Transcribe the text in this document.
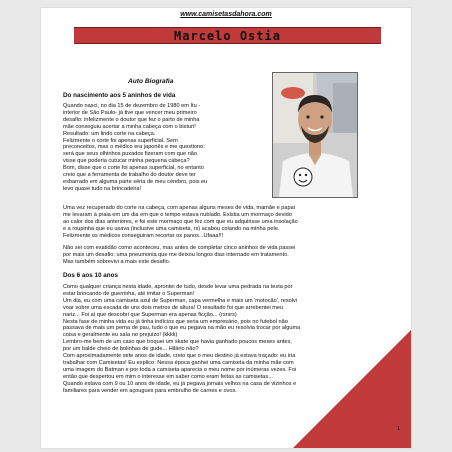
www.camisetasdahora.com
Marcelo Ostia
Auto Biografia
Do nascimento aos 5 aninhos de vida

Quando nasci, no dia 15 de dezembro de 1980 em Itu -
interior de São Paulo- já tive que vencer meu primeiro
desafio: infelizmente o doutor que fez o parto de minha
mãe conseguiu acertar a minha cabeça com o bisturi!
Resultado: um lindo corte na cabeça.
Felizmente o corte foi apenas superficial. Sem
preconceitos, mas o médico era japonês e me questiono:
será que seus olhinhos puxados fizeram com que não
visse que poderia cutucar minha pequena cabeça?
Bom, disse que o corte foi apenas superficial, no entanto
creio que a ferramenta de trabalho do doutor deve ter
esbarrado em alguma parte séria de meu cérebro, pois eu
levo quase tudo na brincadeira!

Uma vez recuperado do corte na cabeça, com apenas alguns meses de vida, mamãe e papai
me levaram à praia em um dia em que o tempo estava nublado. Existia um mormaço devido
ao calor dos dias anteriores, e foi este mormaço que fez com que eu adquirisse uma insolação
e a roupinha que eu usava (inclusive uma camiseta, rs) acabou colando na minha pele.
Felizmente os médicos conseguiram recortar os panos...Ufaaa!!!

Não sei com exatidão como aconteceu, mas antes de completar cinco aninhos de vida passei
por mais um desafio: uma pneumonia que me deixou longos dias internado em tratamento.
Mas também sobrevivi a mais este desafio.

Dos 6 aos 10 anos

Como qualquer criança nesta idade, aprontei de tudo, desde levar uma pedrada na testa por
estar brincando de guerrinha, até imitar o Superman!
Um dia, eu com uma camiseta azul de Superman, capa vermelha e mais um 'motocão', resolvi
voar sobre uma escada de uns dois metros de altura! O resultado foi que arrebentei meu
nariz... Foi aí que descobri que Superman era apenas ficção... (rsrsrs)
Nesta fase de minha vida eu já tinha indícios que seria um empresário, pois no futebol não
passava de mais um perna de pau, tudo o que eu pegava na mão eu resolvia trocar por alguma
coisa e geralmente eu saía no prejuízo! (kkkk)
Lembro-me bem de um caso que troquei um skate que havia ganhado poucos meses antes,
por um balde cheio de bolinhas de gude... Hilário não?
Com aproximadamente sete anos de idade, creio que o meu destino já estava traçado: eu iria
trabalhar com Camisetas! Eu explico: Nessa época ganhei uma camiseta da minha mãe com
uma imagem do Batman e por toda a camiseta aparecia o meu nome por inúmeras vezes. Foi
então que despertou em mim o interesse em saber como eram feitas as camisetas...
Quando estava com 9 ou 10 anos de idade, eu já pegava jornais velhos na casa de vizinhos e
familiares para vender em açougues para embrulho de carnes e ovos.

1
